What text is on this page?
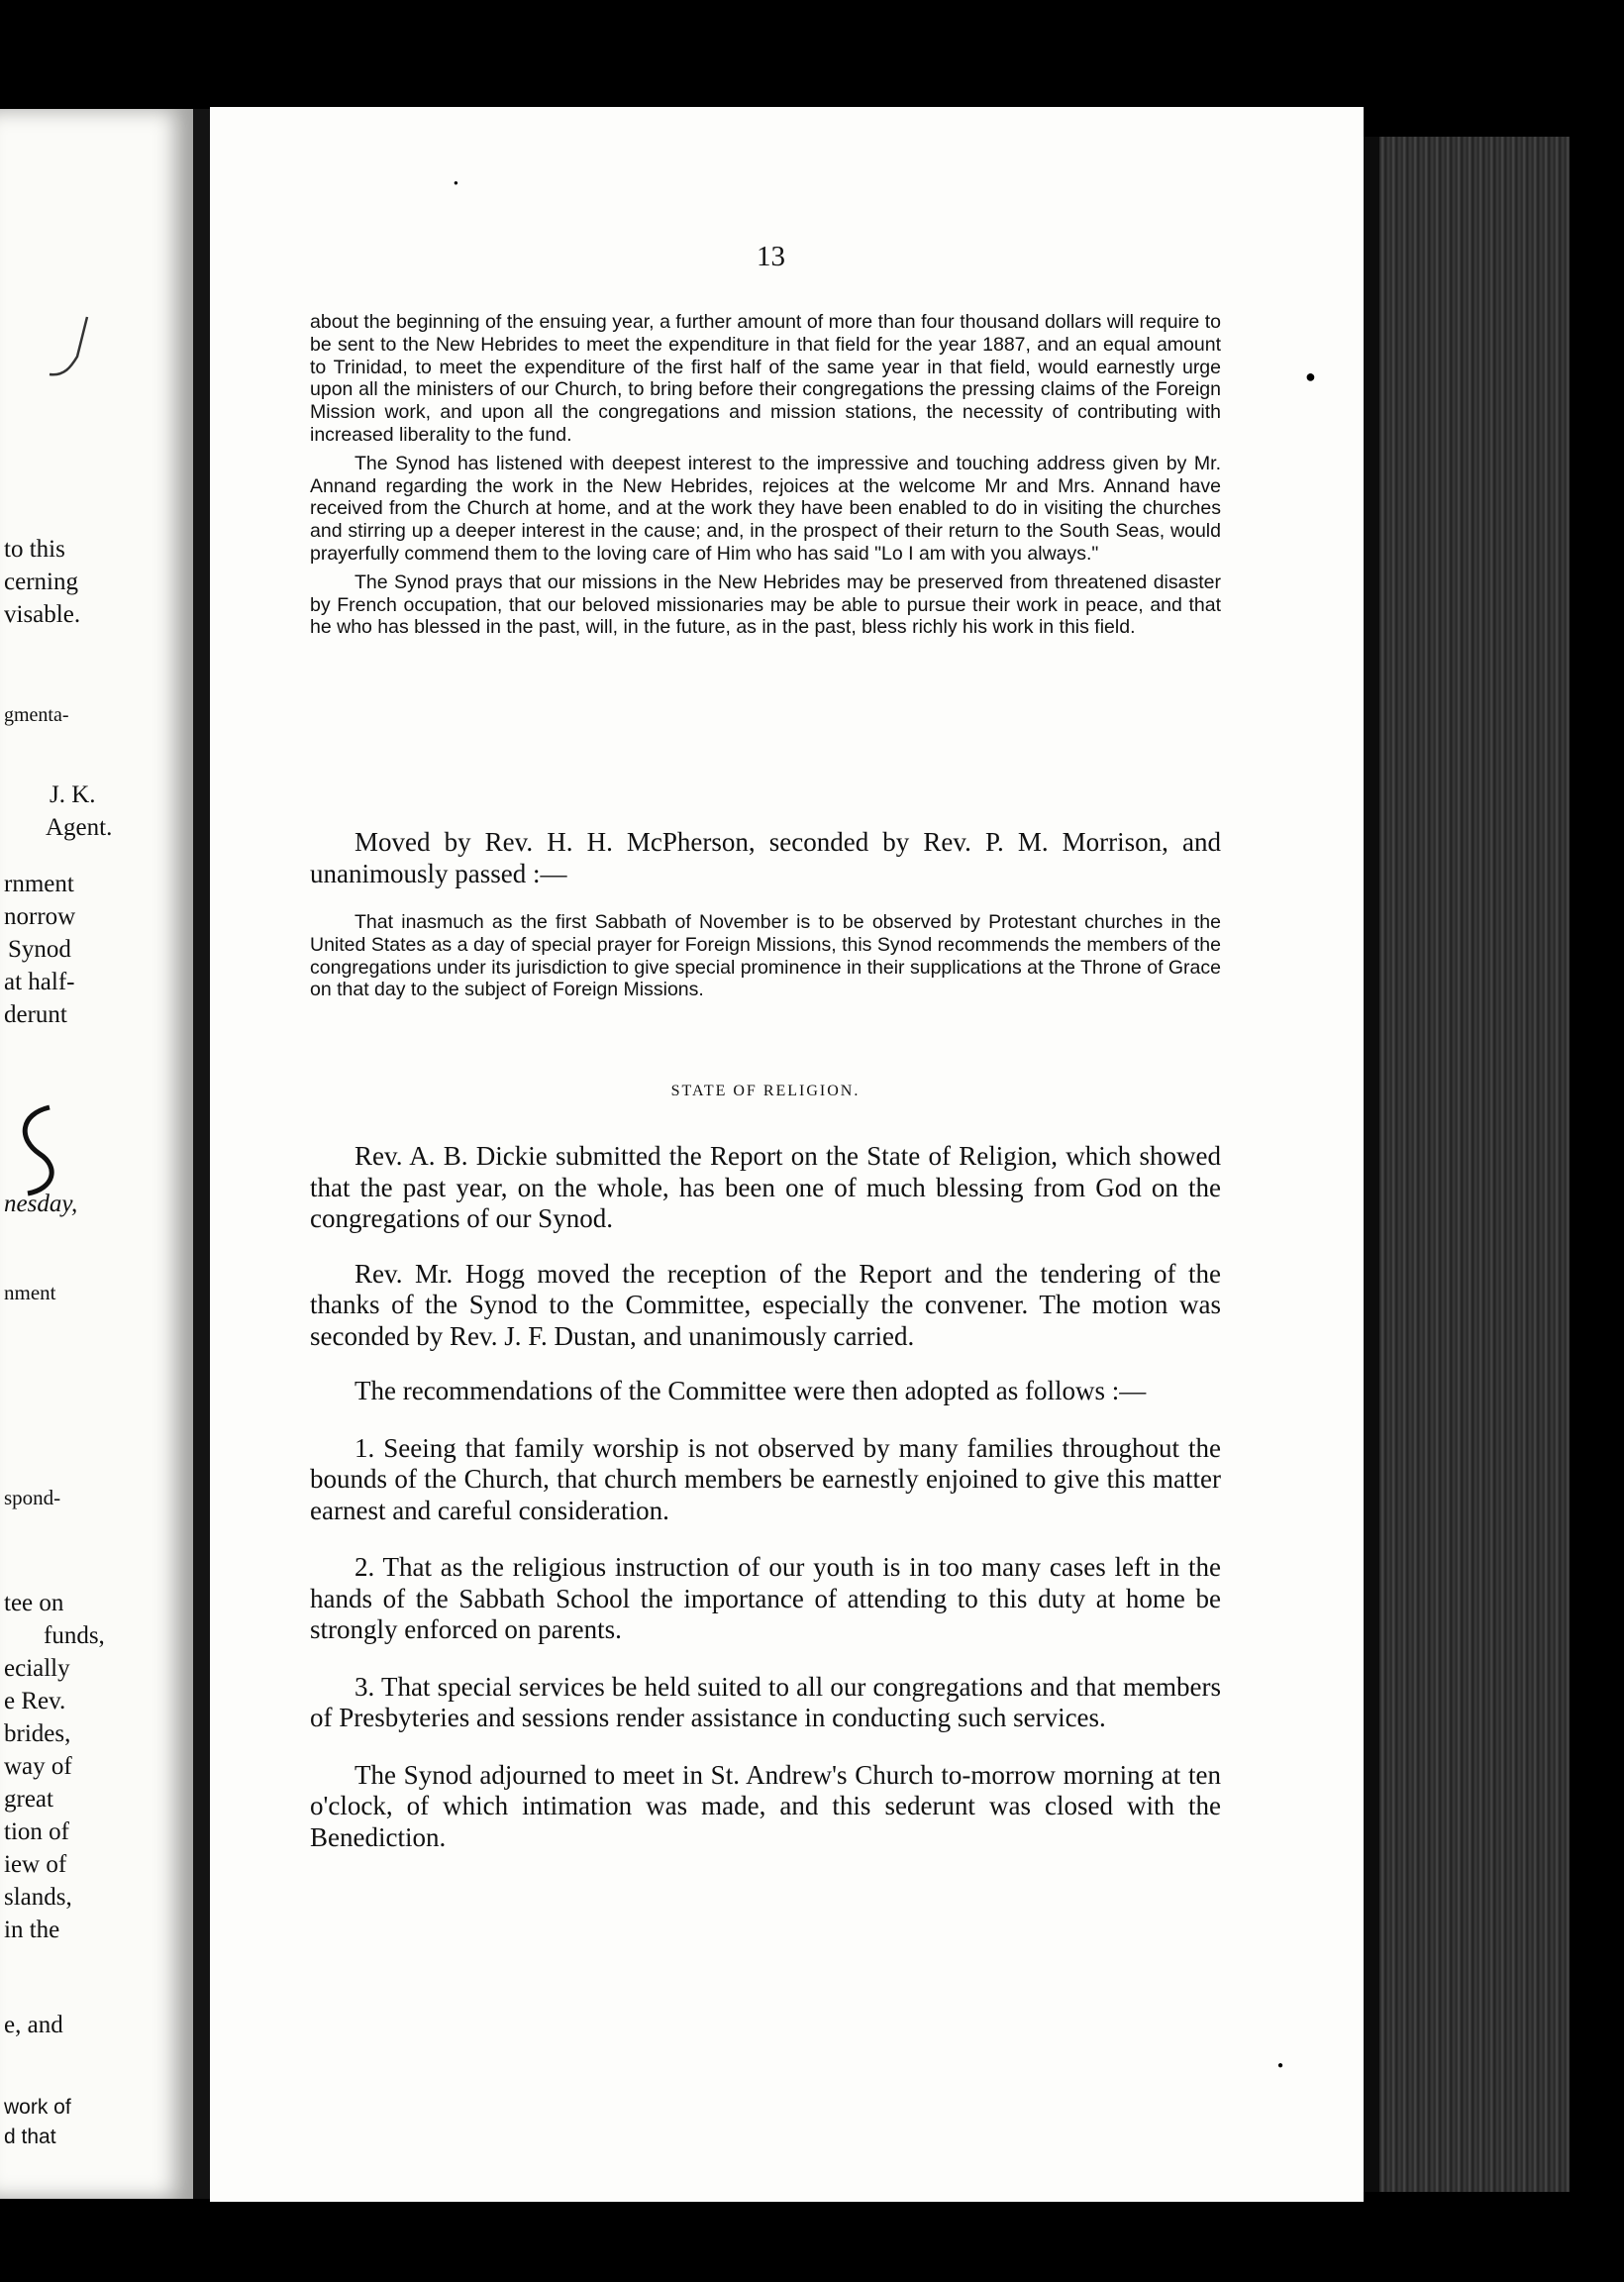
to this
cerning
visable.
gmenta-
J. K.
Agent.
rnment
norrow
Synod
at half-
derunt
nesday,
nment
spond-
tee on
funds,
ecially
e Rev.
brides,
way of
great
tion of
iew of
slands,
in the
e, and
work of
d that
13

about the beginning of the ensuing year, a further amount of more than four thousand dollars will require to be sent to the New Hebrides to meet the expenditure in that field for the year 1887, and an equal amount to Trinidad, to meet the expenditure of the first half of the same year in that field, would earnestly urge upon all the ministers of our Church, to bring before their congregations the pressing claims of the Foreign Mission work, and upon all the congregations and mission stations, the necessity of contributing with increased liberality to the fund.

The Synod has listened with deepest interest to the impressive and touching address given by Mr. Annand regarding the work in the New Hebrides, rejoices at the welcome Mr and Mrs. Annand have received from the Church at home, and at the work they have been enabled to do in visiting the churches and stirring up a deeper interest in the cause; and, in the prospect of their return to the South Seas, would prayerfully commend them to the loving care of Him who has said "Lo I am with you always."

The Synod prays that our missions in the New Hebrides may be preserved from threatened disaster by French occupation, that our beloved missionaries may be able to pursue their work in peace, and that he who has blessed in the past, will, in the future, as in the past, bless richly his work in this field.

Moved by Rev. H. H. McPherson, seconded by Rev. P. M. Morrison, and unanimously passed :—

That inasmuch as the first Sabbath of November is to be observed by Protestant churches in the United States as a day of special prayer for Foreign Missions, this Synod recommends the members of the congregations under its jurisdiction to give special prominence in their supplications at the Throne of Grace on that day to the subject of Foreign Missions.

STATE OF RELIGION.

Rev. A. B. Dickie submitted the Report on the State of Religion, which showed that the past year, on the whole, has been one of much blessing from God on the congregations of our Synod.

Rev. Mr. Hogg moved the reception of the Report and the tendering of the thanks of the Synod to the Committee, especially the convener. The motion was seconded by Rev. J. F. Dustan, and unanimously carried.

The recommendations of the Committee were then adopted as follows :—

1. Seeing that family worship is not observed by many families throughout the bounds of the Church, that church members be earnestly enjoined to give this matter earnest and careful consideration.

2. That as the religious instruction of our youth is in too many cases left in the hands of the Sabbath School the importance of attending to this duty at home be strongly enforced on parents.

3. That special services be held suited to all our congregations and that members of Presbyteries and sessions render assistance in conducting such services.

The Synod adjourned to meet in St. Andrew's Church to-morrow morning at ten o'clock, of which intimation was made, and this sederunt was closed with the Benediction.

●
●
●
